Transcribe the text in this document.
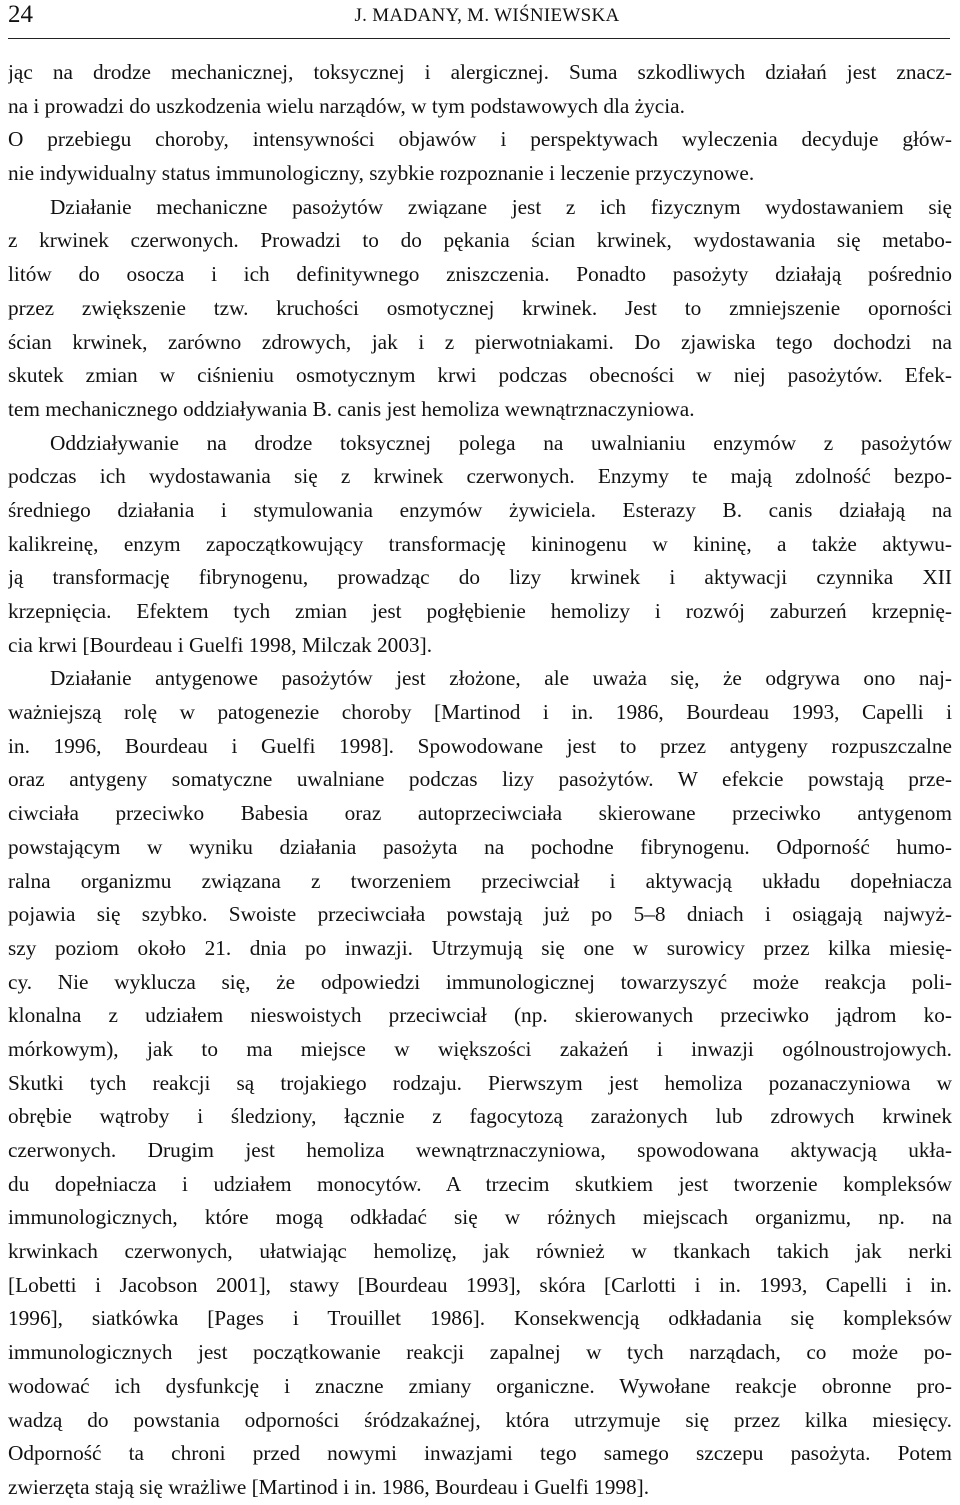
24	J. MADANY, M. WIŚNIEWSKA
jąc na drodze mechanicznej, toksycznej i alergicznej. Suma szkodliwych działań jest znacz-
na i prowadzi do uszkodzenia wielu narządów, w tym podstawowych dla życia.
O przebiegu choroby, intensywności objawów i perspektywach wyleczenia decyduje głów-
nie indywidualny status immunologiczny, szybkie rozpoznanie i leczenie przyczynowe.
Działanie mechaniczne pasożytów związane jest z ich fizycznym wydostawaniem się
z krwinek czerwonych. Prowadzi to do pękania ścian krwinek, wydostawania się metabo-
litów do osocza i ich definitywnego zniszczenia. Ponadto pasożyty działają pośrednio
przez zwiększenie tzw. kruchości osmotycznej krwinek. Jest to zmniejszenie oporności
ścian krwinek, zarówno zdrowych, jak i z pierwotniakami. Do zjawiska tego dochodzi na
skutek zmian w ciśnieniu osmotycznym krwi podczas obecności w niej pasożytów. Efek-
tem mechanicznego oddziaływania B. canis jest hemoliza wewnątrznaczyniowa.
Oddziaływanie na drodze toksycznej polega na uwalnianiu enzymów z pasożytów
podczas ich wydostawania się z krwinek czerwonych. Enzymy te mają zdolność bezpo-
średniego działania i stymulowania enzymów żywiciela. Esterazy B. canis działają na
kalikreinę, enzym zapoczątkowujący transformację kininogenu w kininę, a także aktywu-
ją transformację fibrynogenu, prowadząc do lizy krwinek i aktywacji czynnika XII
krzepnięcia. Efektem tych zmian jest pogłębienie hemolizy i rozwój zaburzeń krzepnię-
cia krwi [Bourdeau i Guelfi 1998, Milczak 2003].
Działanie antygenowe pasożytów jest złożone, ale uważa się, że odgrywa ono naj-
ważniejszą rolę w patogenezie choroby [Martinod i in. 1986, Bourdeau 1993, Capelli i
in. 1996, Bourdeau i Guelfi 1998]. Spowodowane jest to przez antygeny rozpuszczalne
oraz antygeny somatyczne uwalniane podczas lizy pasożytów. W efekcie powstają prze-
ciwciała przeciwko Babesia oraz autoprzeciwciała skierowane przeciwko antygenom
powstającym w wyniku działania pasożyta na pochodne fibrynogenu. Odporność humo-
ralna organizmu związana z tworzeniem przeciwciał i aktywacją układu dopełniacza
pojawia się szybko. Swoiste przeciwciała powstają już po 5–8 dniach i osiągają najwyż-
szy poziom około 21. dnia po inwazji. Utrzymują się one w surowicy przez kilka miesię-
cy. Nie wyklucza się, że odpowiedzi immunologicznej towarzyszyć może reakcja poli-
klonalna z udziałem nieswoistych przeciwciał (np. skierowanych przeciwko jądrom ko-
mórkowym), jak to ma miejsce w większości zakażeń i inwazji ogólnoustrojowych.
Skutki tych reakcji są trojakiego rodzaju. Pierwszym jest hemoliza pozanaczyniowa w
obrębie wątroby i śledziony, łącznie z fagocytozą zarażonych lub zdrowych krwinek
czerwonych. Drugim jest hemoliza wewnątrznaczyniowa, spowodowana aktywacją ukła-
du dopełniacza i udziałem monocytów. A trzecim skutkiem jest tworzenie kompleksów
immunologicznych, które mogą odkładać się w różnych miejscach organizmu, np. na
krwinkach czerwonych, ułatwiając hemolizę, jak również w tkankach takich jak nerki
[Lobetti i Jacobson 2001], stawy [Bourdeau 1993], skóra [Carlotti i in. 1993, Capelli i in.
1996], siatkówka [Pages i Trouillet 1986]. Konsekwencją odkładania się kompleksów
immunologicznych jest początkowanie reakcji zapalnej w tych narządach, co może po-
wodować ich dysfunkcję i znaczne zmiany organiczne. Wywołane reakcje obronne pro-
wadzą do powstania odporności śródzakaźnej, która utrzymuje się przez kilka miesięcy.
Odporność ta chroni przed nowymi inwazjami tego samego szczepu pasożyta. Potem
zwierzęta stają się wrażliwe [Martinod i in. 1986, Bourdeau i Guelfi 1998].
